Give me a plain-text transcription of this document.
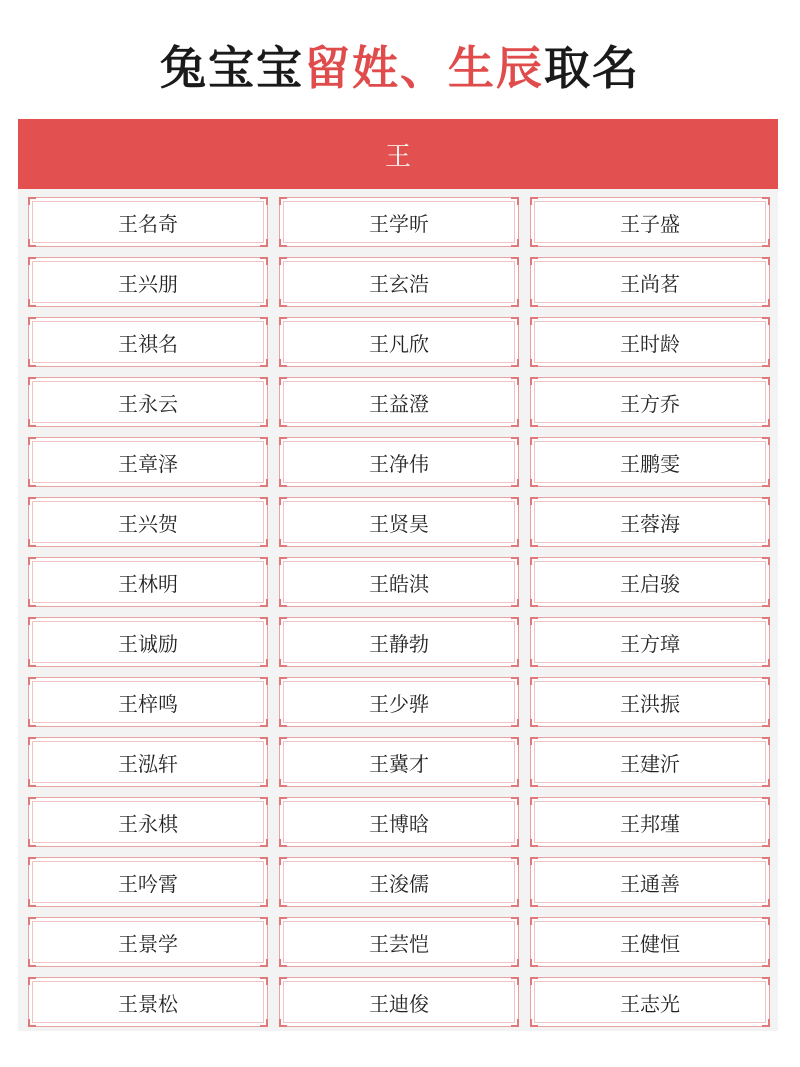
兔宝宝 留姓、生辰 取名
王
王名奇	王学昕	王子盛
王兴朋	王玄浩	王尚茗
王祺名	王凡欣	王时龄
王永云	王益澄	王方乔
王章泽	王净伟	王鹏雯
王兴贺	王贤昊	王蓉海
王林明	王皓淇	王启骏
王诚励	王静勃	王方璋
王梓鸣	王少骅	王洪振
王泓轩	王冀才	王建沂
王永棋	王博晗	王邦瑾
王吟霄	王浚儒	王通善
王景学	王芸恺	王健恒
王景松	王迪俊	王志光
